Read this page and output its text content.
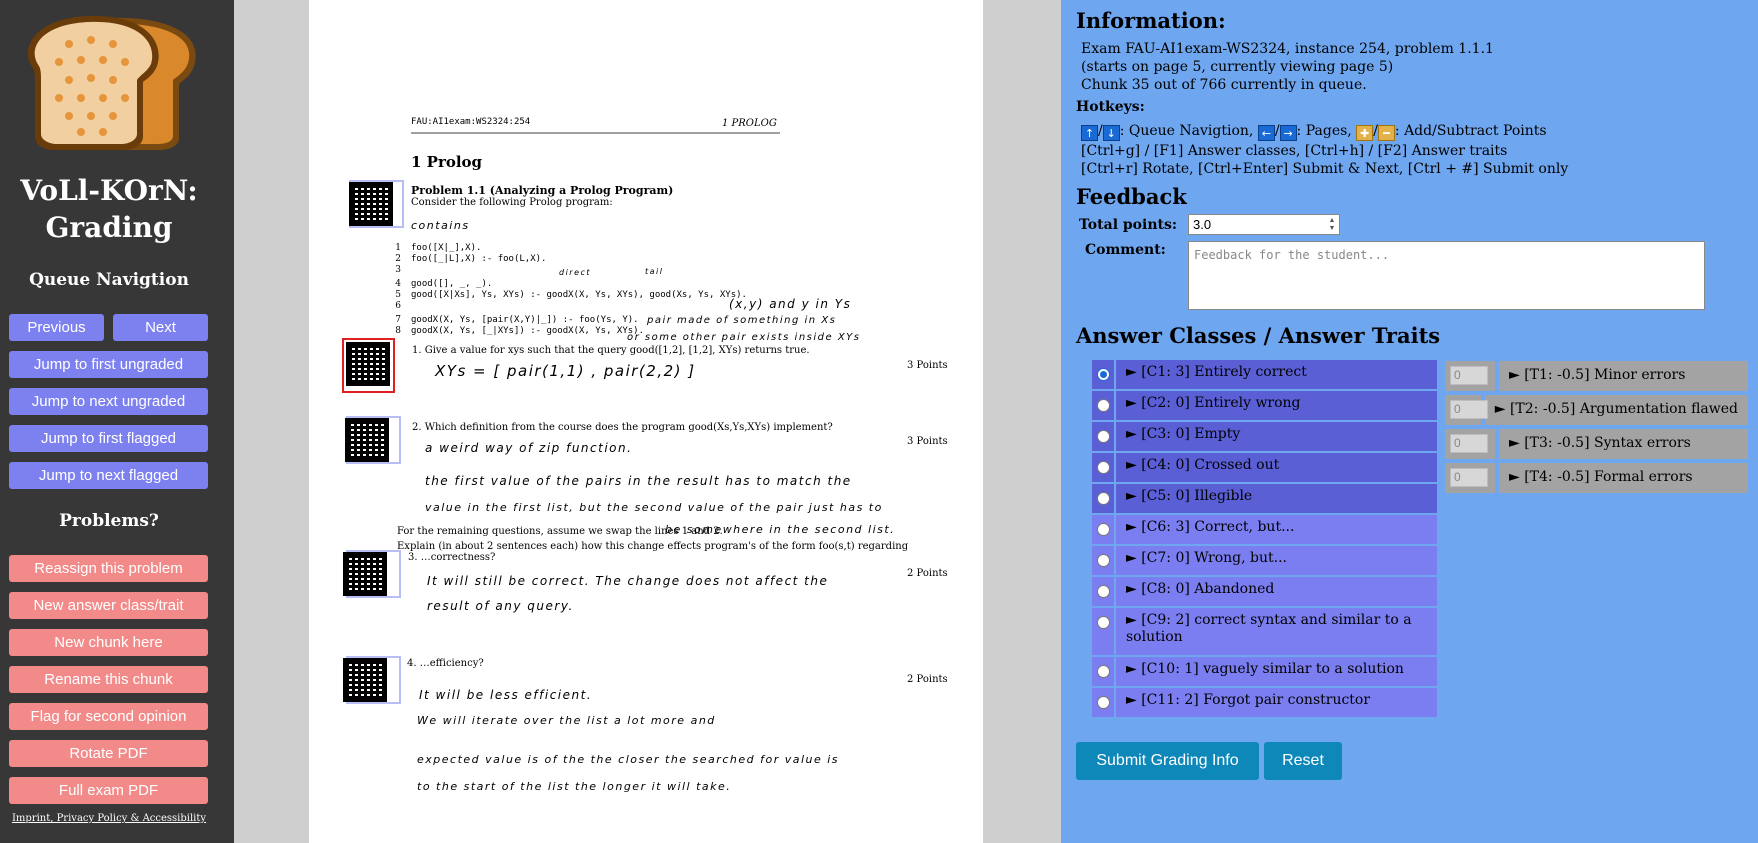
VoLl-KOrN: Grading
Queue Navigtion
Previous	Next
Jump to first ungraded
Jump to next ungraded
Jump to first flagged
Jump to next flagged
Problems?
Reassign this problem
New answer class/trait
New chunk here
Rename this chunk
Flag for second opinion
Rotate PDF
Full exam PDF
Imprint, Privacy Policy & Accessibility
FAU:AI1exam:WS2324:254	1 PROLOG
1 Prolog
Problem 1.1 (Analyzing a Prolog Program)
Consider the following Prolog program:
contains
1 foo([X|_],X).
2 foo([_|L],X) :- foo(L,X).
3
4 good([], _, _).
5 good([X|Xs], Ys, XYs) :- goodX(X, Ys, XYs), good(Xs, Ys, XYs).
6
7 goodX(X, Ys, [pair(X,Y)|_]) :- foo(Ys, Y).
8 goodX(X, Ys, [_|XYs]) :- goodX(X, Ys, XYs).
direct	tail
(x,y) and y in Ys
pair made of something in Xs
or some other pair exists inside XYs
1. Give a value for xys such that the query good([1,2], [1,2], XYs) returns true.
3 Points
XYs = [ pair(1,1) , pair(2,2) ]
2. Which definition from the course does the program good(Xs,Ys,XYs) implement?
3 Points
a weird way of zip function.
the first value of the pairs in the result has to match the
value in the first list, but the second value of the pair just has to
be somewhere in the second list.
For the remaining questions, assume we swap the lines 1 and 2.
Explain (in about 2 sentences each) how this change effects program's of the form foo(s,t) regarding
3. …correctness?
2 Points
It will still be correct. The change does not affect the
result of any query.
4. …efficiency?
2 Points
It will be less efficient.
We will iterate over the list a lot more and
expected value is of the the closer the searched for value is
to the start of the list the longer it will take.
Information:
Exam FAU-AI1exam-WS2324, instance 254, problem 1.1.1
(starts on page 5, currently viewing page 5)
Chunk 35 out of 766 currently in queue.
Hotkeys:
↑ / ↓ : Queue Navigtion, ← / → : Pages, ✚ / ━ : Add/Subtract Points
[Ctrl+g] / [F1] Answer classes, [Ctrl+h] / [F2] Answer traits
[Ctrl+r] Rotate, [Ctrl+Enter] Submit & Next, [Ctrl + #] Submit only
Feedback
Total points:	3.0	▲
▼
Comment:	Feedback for the student...
Answer Classes / Answer Traits
► [C1: 3] Entirely correct
► [C2: 0] Entirely wrong
► [C3: 0] Empty
► [C4: 0] Crossed out
► [C5: 0] Illegible
► [C6: 3] Correct, but...
► [C7: 0] Wrong, but...
► [C8: 0] Abandoned
► [C9: 2] correct syntax and similar to a solution
► [C10: 1] vaguely similar to a solution
► [C11: 2] Forgot pair constructor
0	► [T1: -0.5] Minor errors
0	► [T2: -0.5] Argumentation flawed
0	► [T3: -0.5] Syntax errors
0	► [T4: -0.5] Formal errors
Submit Grading Info	Reset
